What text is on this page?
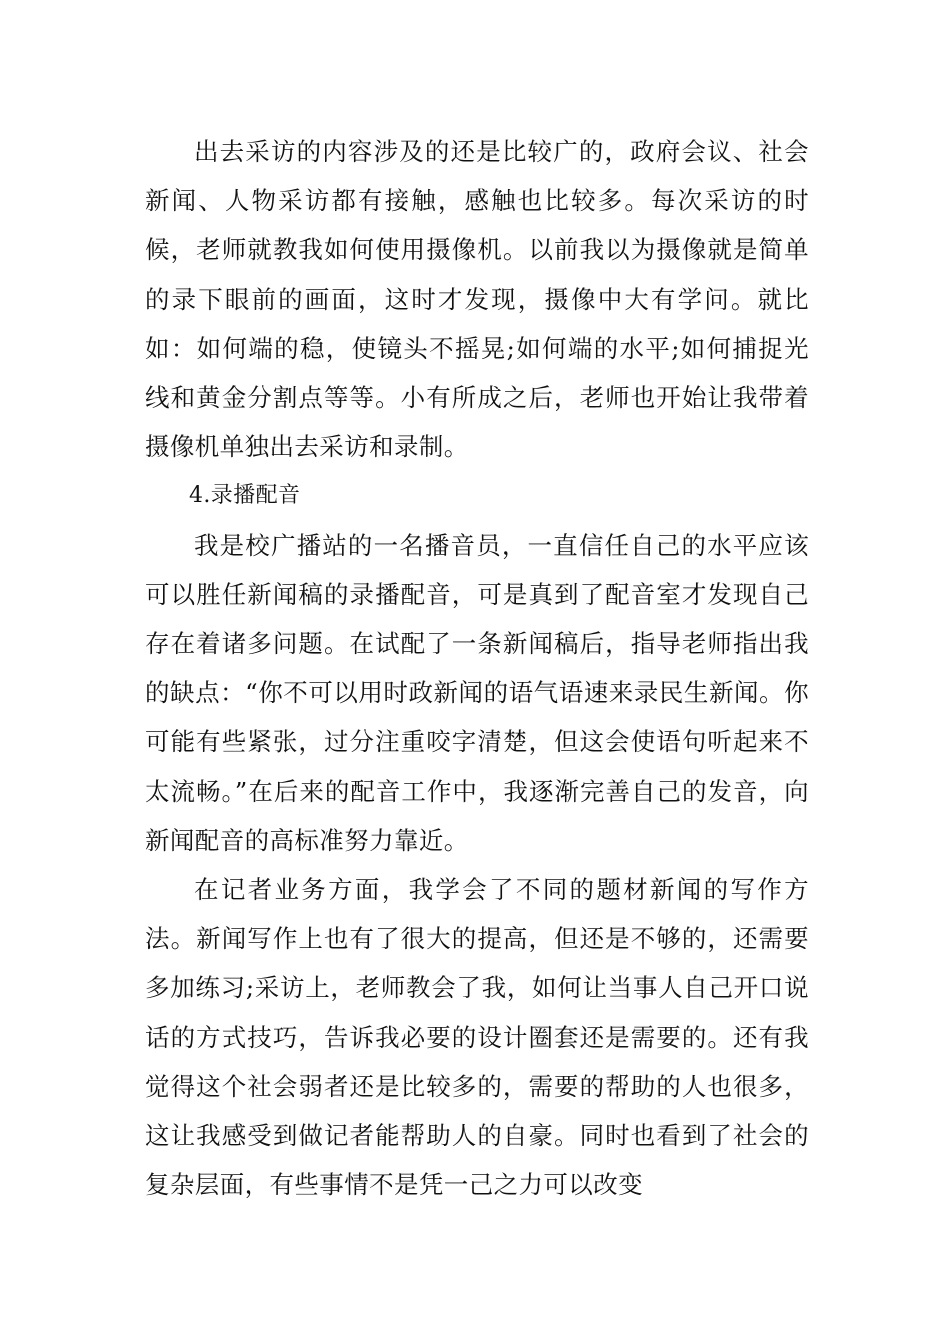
出去采访的内容涉及的还是比较广的，政府会议、社会新闻、人物采访都有接触，感触也比较多。每次采访的时候，老师就教我如何使用摄像机。以前我以为摄像就是简单的录下眼前的画面，这时才发现，摄像中大有学问。就比如：如何端的稳，使镜头不摇晃;如何端的水平;如何捕捉光线和黄金分割点等等。小有所成之后，老师也开始让我带着摄像机单独出去采访和录制。

4.录播配音

我是校广播站的一名播音员，一直信任自己的水平应该可以胜任新闻稿的录播配音，可是真到了配音室才发现自己存在着诸多问题。在试配了一条新闻稿后，指导老师指出我的缺点：“你不可以用时政新闻的语气语速来录民生新闻。你可能有些紧张，过分注重咬字清楚，但这会使语句听起来不太流畅。”在后来的配音工作中，我逐渐完善自己的发音，向新闻配音的高标准努力靠近。

在记者业务方面，我学会了不同的题材新闻的写作方法。新闻写作上也有了很大的提高，但还是不够的，还需要多加练习;采访上，老师教会了我，如何让当事人自己开口说话的方式技巧，告诉我必要的设计圈套还是需要的。还有我觉得这个社会弱者还是比较多的，需要的帮助的人也很多，这让我感受到做记者能帮助人的自豪。同时也看到了社会的复杂层面，有些事情不是凭一己之力可以改变
